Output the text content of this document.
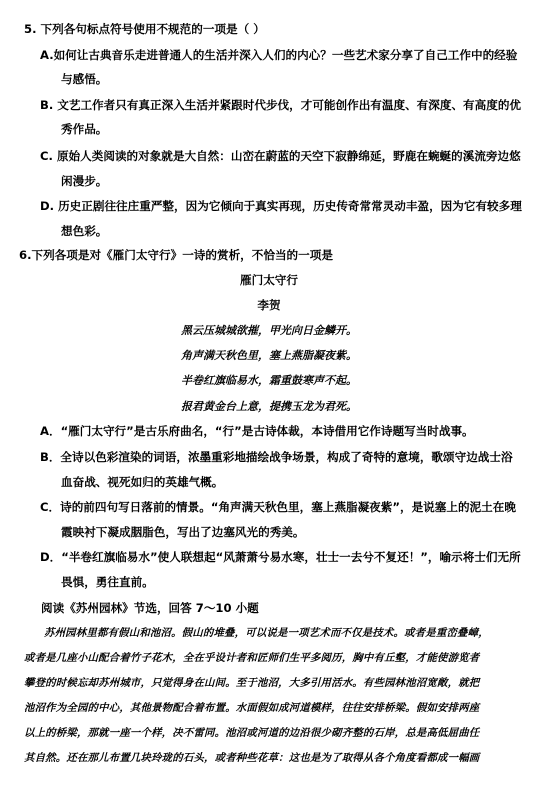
5. 下列各句标点符号使用不规范的一项是（ ）
A.如何让古典音乐走进普通人的生活并深入人们的内心？一些艺术家分享了自己工作中的经验
与感悟。
B. 文艺工作者只有真正深入生活并紧跟时代步伐，才可能创作出有温度、有深度、有高度的优
秀作品。
C. 原始人类阅读的对象就是大自然：山峦在蔚蓝的天空下寂静绵延，野鹿在蜿蜒的溪流旁边悠
闲漫步。
D. 历史正剧往往庄重严整，因为它倾向于真实再现，历史传奇常常灵动丰盈，因为它有较多理
想色彩。
6.下列各项是对《雁门太守行》一诗的赏析，不恰当的一项是
雁门太守行
李贺
黑云压城城欲摧，甲光向日金鳞开。
角声满天秋色里，塞上燕脂凝夜紫。
半卷红旗临易水，霜重鼓寒声不起。
报君黄金台上意，提携玉龙为君死。
A．“雁门太守行”是古乐府曲名，“行”是古诗体裁，本诗借用它作诗题写当时战事。
B．全诗以色彩渲染的词语，浓墨重彩地描绘战争场景，构成了奇特的意境，歌颂守边战士浴
血奋战、视死如归的英雄气概。
C．诗的前四句写日落前的情景。“角声满天秋色里，塞上燕脂凝夜紫”，是说塞上的泥土在晚
霞映衬下凝成胭脂色，写出了边塞风光的秀美。
D．“半卷红旗临易水”使人联想起“风萧萧兮易水寒，壮士一去兮不复还！”，喻示将士们无所
畏惧，勇往直前。
阅读《苏州园林》节选，回答 7～10 小题
苏州园林里都有假山和池沼。假山的堆叠，可以说是一项艺术而不仅是技术。或者是重峦叠嶂，
或者是几座小山配合着竹子花木，全在乎设计者和匠师们生平多阅历，胸中有丘壑，才能使游览者
攀登的时候忘却苏州城市，只觉得身在山间。至于池沼，大多引用活水。有些园林池沼宽敞，就把
池沼作为全园的中心，其他景物配合着布置。水面假如成河道模样，往往安排桥梁。假如安排两座
以上的桥梁，那就一座一个样，决不雷同。池沼或河道的边沿很少砌齐整的石岸，总是高低屈曲任
其自然。还在那儿布置几块玲珑的石头，或者种些花草：这也是为了取得从各个角度看都成一幅画
